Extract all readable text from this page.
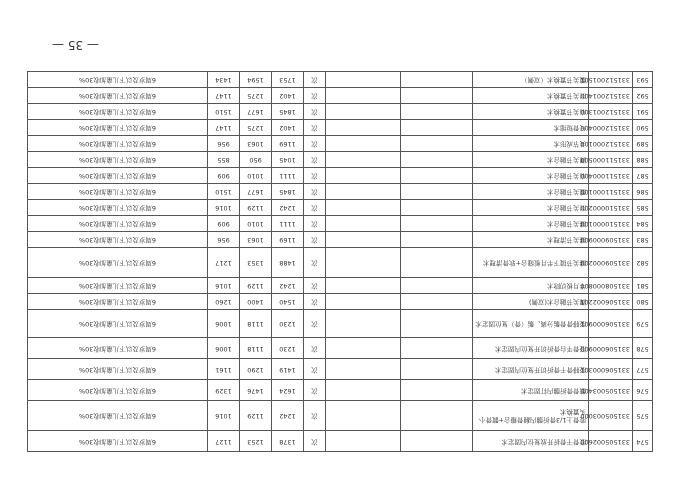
— 35 —
574	331505002600	股骨干骨折开放复位内固定术			次	1378	1253	1127	6周岁及以下儿童加收30%
575	331505003000	股骨上1/3骨折髓内翻骨瓣合+髋骨小头置换术			次	1242	1129	1016	6周岁及以下儿童加收30%
576	331505003400	髌骨骨折髓内钉固定术			次	1624	1476	1329	6周岁及以下儿童加收30%
577	331506000301	胫腓骨干骨折切开复位内固定术			次	1419	1290	1161	6周岁及以下儿童加收30%
578	331506000900	胫骨平台骨折切开复位内固定术			次	1230	1118	1006	6周岁及以下儿童加收30%
579	331506000901	胫腓骨骨骺分离、骺（骨）复位固定术			次	1230	1118	1006	6周岁及以下儿童加收30%
580	331506002201	踝关节融合术(双侧)			次	1540	1400	1260	6周岁及以下儿童加收30%
581	331508000800	半月板切除术			次	1242	1129	1016	6周岁及以下儿童加收30%
582	331509000200	膝关节镜下半月板缝合+软骨清理术			次	1488	1353	1217	6周岁及以下儿童加收30%
583	331509000900	膝关节清理术			次	1169	1063	956	6周岁及以下儿童加收30%
584	331510000100	膝关节融合术			次	1111	1010	909	6周岁及以下儿童加收30%
585	331510000200	肘关节融合术			次	1242	1129	1016	6周岁及以下儿童加收30%
586	331511000100	髋关节融合术			次	1845	1677	1510	6周岁及以下儿童加收30%
587	331511000400	肩关节融合术			次	1111	1010	909	6周岁及以下儿童加收30%
588	331511000500	踝关节融合术			次	1045	950	855	6周岁及以下儿童加收30%
589	331512000100	关节成形术			次	1169	1063	956	6周岁及以下儿童加收30%
590	331512000400	尺骨短缩术			次	1402	1275	1147	6周岁及以下儿童加收30%
591	331512001300	肩关节置换术			次	1845	1677	1510	6周岁及以下儿童加收30%
592	331512001400	肘关节置换术			次	1402	1275	1147	6周岁及以下儿童加收30%
593	331512001501	髋关节置换术（双侧）			次	1753	1594	1434	6周岁及以下儿童加收30%
